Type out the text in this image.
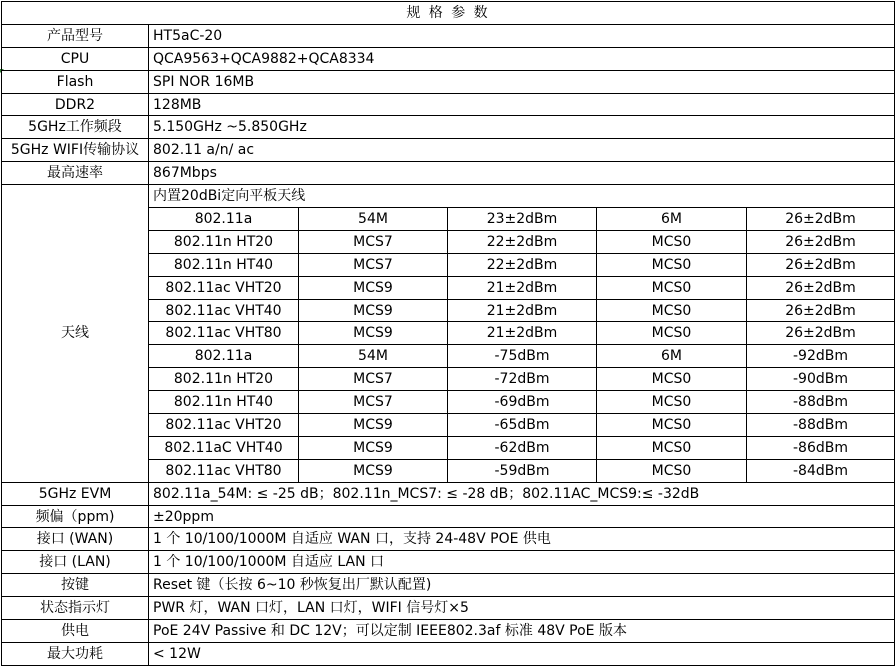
规 格 参 数					
产品型号	HT5aC-20				
CPU	QCA9563+QCA9882+QCA8334				
Flash	SPI NOR 16MB				
DDR2	128MB				
5GHz工作频段	5.150GHz ~5.850GHz				
5GHz WIFI传输协议	802.11 a/n/ ac				
最高速率	867Mbps				
天线	内置20dBi定向平板天线				
	802.11a	54M	23±2dBm	6M	26±2dBm
	802.11n HT20	MCS7	22±2dBm	MCS0	26±2dBm
	802.11n HT40	MCS7	22±2dBm	MCS0	26±2dBm
	802.11ac VHT20	MCS9	21±2dBm	MCS0	26±2dBm
	802.11ac VHT40	MCS9	21±2dBm	MCS0	26±2dBm
	802.11ac VHT80	MCS9	21±2dBm	MCS0	26±2dBm
	802.11a	54M	-75dBm	6M	-92dBm
	802.11n HT20	MCS7	-72dBm	MCS0	-90dBm
	802.11n HT40	MCS7	-69dBm	MCS0	-88dBm
	802.11ac VHT20	MCS9	-65dBm	MCS0	-88dBm
	802.11aC VHT40	MCS9	-62dBm	MCS0	-86dBm
	802.11ac VHT80	MCS9	-59dBm	MCS0	-84dBm
5GHz EVM	802.11a_54M: ≤ -25 dB；802.11n_MCS7: ≤ -28 dB；802.11AC_MCS9:≤ -32dB				
频偏（ppm)	±20ppm				
接口 (WAN)	1 个 10/100/1000M 自适应 WAN 口，支持 24-48V POE 供电				
接口 (LAN)	1 个 10/100/1000M 自适应 LAN 口				
按键	Reset 键（长按 6~10 秒恢复出厂默认配置)				
状态指示灯	PWR 灯，WAN 口灯，LAN 口灯，WIFI 信号灯×5				
供电	PoE 24V Passive 和 DC 12V；可以定制 IEEE802.3af 标准 48V PoE 版本				
最大功耗	< 12W				
